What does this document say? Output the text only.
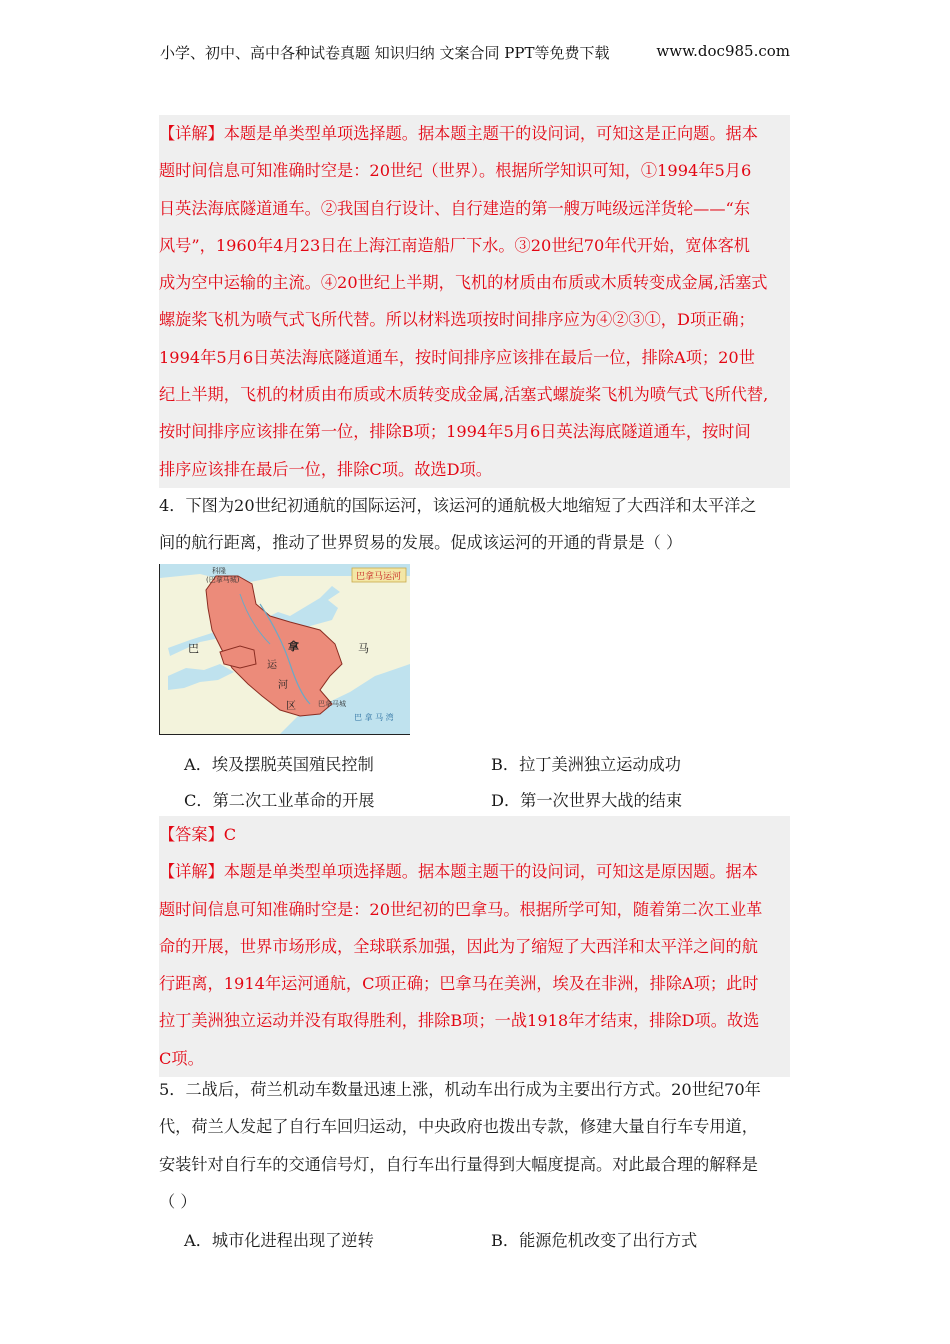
小学、初中、高中各种试卷真题 知识归纳 文案合同 PPT等免费下载	www.doc985.com
【详解】本题是单类型单项选择题。据本题主题干的设问词，可知这是正向题。据本
题时间信息可知准确时空是：20世纪（世界）。根据所学知识可知，①1994年5月6
日英法海底隧道通车。②我国自行设计、自行建造的第一艘万吨级远洋货轮——“东
风号”，1960年4月23日在上海江南造船厂下水。③20世纪70年代开始，宽体客机
成为空中运输的主流。④20世纪上半期，飞机的材质由布质或木质转变成金属,活塞式
螺旋桨飞机为喷气式飞所代替。所以材料选项按时间排序应为④②③①，D项正确；
1994年5月6日英法海底隧道通车，按时间排序应该排在最后一位，排除A项；20世
纪上半期，飞机的材质由布质或木质转变成金属,活塞式螺旋桨飞机为喷气式飞所代替,
按时间排序应该排在第一位，排除B项；1994年5月6日英法海底隧道通车，按时间
排序应该排在最后一位，排除C项。故选D项。
4．下图为20世纪初通航的国际运河，该运河的通航极大地缩短了大西洋和太平洋之
间的航行距离，推动了世界贸易的发展。促成该运河的开通的背景是（ ）
巴拿马运河
科隆
(巴拿马城)
巴	拿	马
运
河
区	巴拿马城
巴 拿 马 湾
A．埃及摆脱英国殖民控制	B．拉丁美洲独立运动成功
C．第二次工业革命的开展	D．第一次世界大战的结束
【答案】C
【详解】本题是单类型单项选择题。据本题主题干的设问词，可知这是原因题。据本
题时间信息可知准确时空是：20世纪初的巴拿马。根据所学可知，随着第二次工业革
命的开展，世界市场形成，全球联系加强，因此为了缩短了大西洋和太平洋之间的航
行距离，1914年运河通航，C项正确；巴拿马在美洲，埃及在非洲，排除A项；此时
拉丁美洲独立运动并没有取得胜利，排除B项；一战1918年才结束，排除D项。故选
C项。
5．二战后，荷兰机动车数量迅速上涨，机动车出行成为主要出行方式。20世纪70年
代，荷兰人发起了自行车回归运动，中央政府也拨出专款，修建大量自行车专用道，
安装针对自行车的交通信号灯，自行车出行量得到大幅度提高。对此最合理的解释是
（ ）
A．城市化进程出现了逆转	B．能源危机改变了出行方式
